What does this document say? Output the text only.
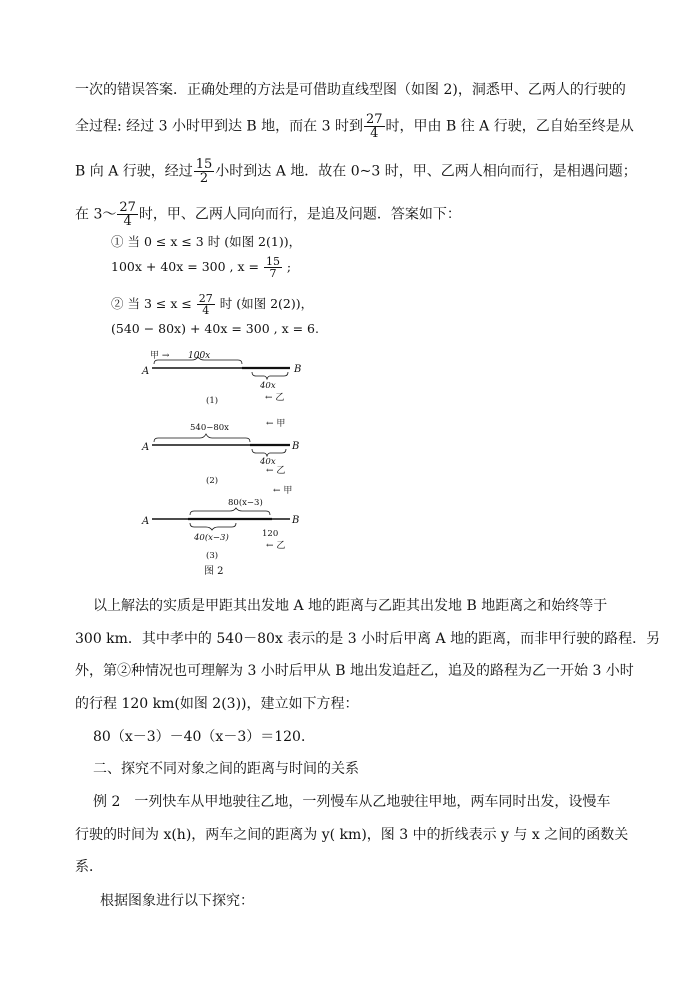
一次的错误答案．正确处理的方法是可借助直线型图（如图 2)，洞悉甲、乙两人的行驶的
全过程: 经过 3 小时甲到达 B 地，而在 3 时到 $\frac{27}{4}$ 时，甲由 B 往 A 行驶，乙自始至终是从
B 向 A 行驶，经过 $\frac{15}{2}$ 小时到达 A 地．故在 0~3 时，甲、乙两人相向而行，是相遇问题；
在 3～ $\frac{27}{4}$ 时，甲、乙两人同向而行，是追及问题．答案如下：
① 当 0 ≤ x ≤ 3 时 (如图 2(1))，
100x + 40x = 300 , $x = \frac{15}{7}$ ;
② 当 $3 \le x \le \frac{27}{4}$ 时 (如图 2(2))，
(540 − 80x) + 40x = 300 , x = 6.
甲 → 100x
A	B
40x
← 乙
(1)
← 甲
540−80x
A	B
40x
← 乙
(2)
← 甲
80(x−3)
A	B
40(x−3)	120
← 乙
(3)
图 2
以上解法的实质是甲距其出发地 A 地的距离与乙距其出发地 B 地距离之和始终等于
300 km．其中孝中的 540－80x 表示的是 3 小时后甲离 A 地的距离，而非甲行驶的路程．另
外，第②种情况也可理解为 3 小时后甲从 B 地出发追赶乙，追及的路程为乙一开始 3 小时
的行程 120 km(如图 2(3))，建立如下方程：
80（x－3）－40（x－3）＝120．
二、探究不同对象之间的距离与时间的关系
例 2　一列快车从甲地驶往乙地，一列慢车从乙地驶往甲地，两车同时出发，设慢车
行驶的时间为 x(h)，两车之间的距离为 y( km)，图 3 中的折线表示 y 与 x 之间的函数关
系．
根据图象进行以下探究：
